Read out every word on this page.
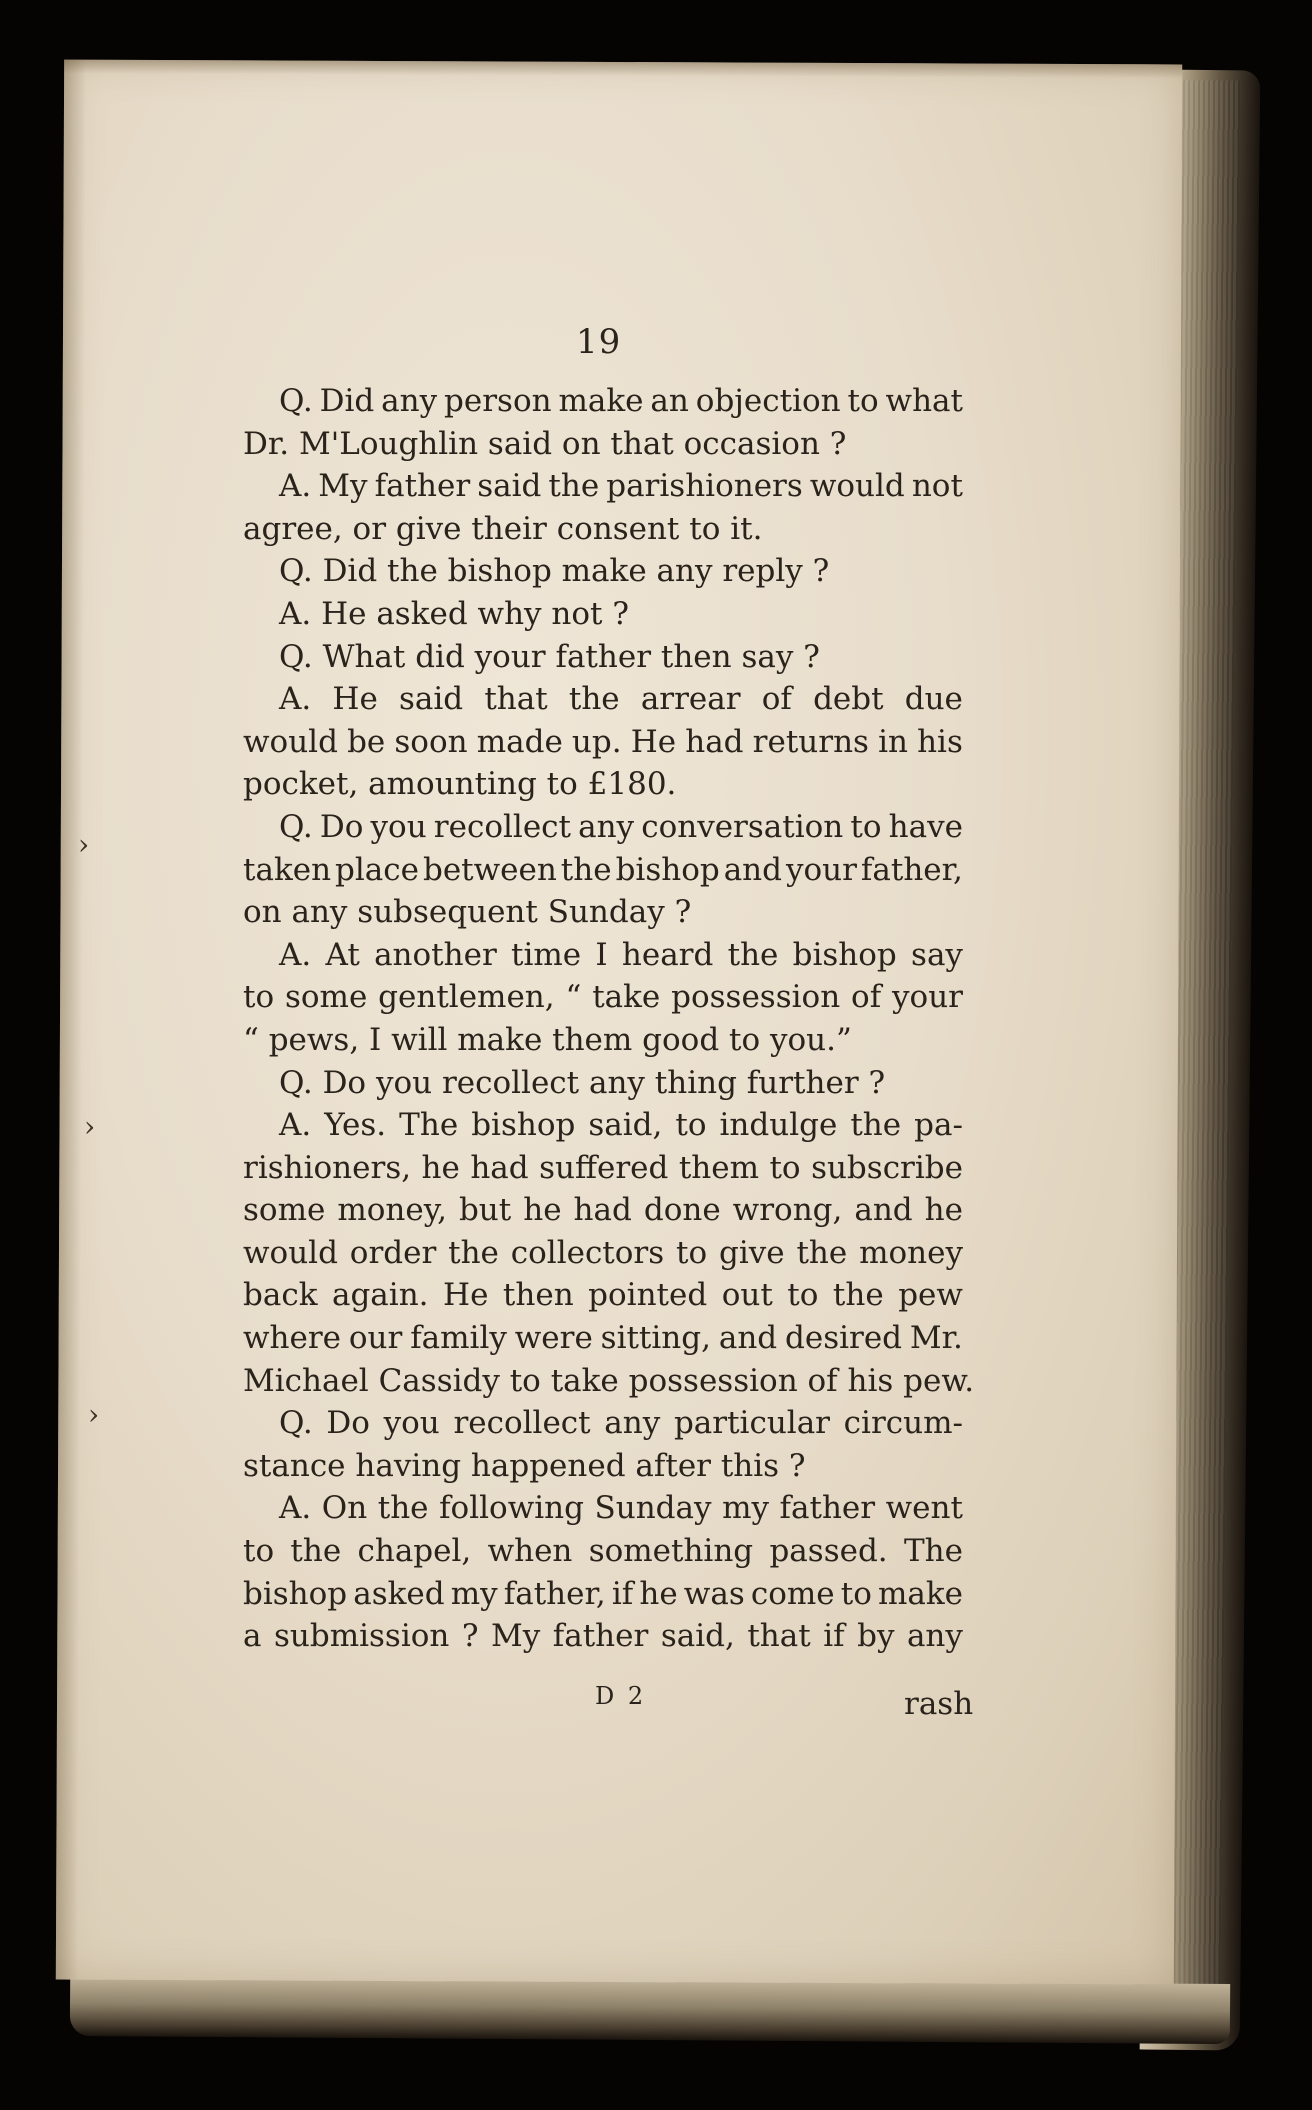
19
Q. Did any person make an objection to what
Dr. M'Loughlin said on that occasion ?
A. My father said the parishioners would not
agree, or give their consent to it.
Q. Did the bishop make any reply ?
A. He asked why not ?
Q. What did your father then say ?
A. He said that the arrear of debt due
would be soon made up. He had returns in his
pocket, amounting to £180.
Q. Do you recollect any conversation to have
taken place between the bishop and your father,
on any subsequent Sunday ?
A. At another time I heard the bishop say
to some gentlemen, “ take possession of your
“ pews, I will make them good to you.”
Q. Do you recollect any thing further ?
A. Yes. The bishop said, to indulge the pa-
rishioners, he had suffered them to subscribe
some money, but he had done wrong, and he
would order the collectors to give the money
back again. He then pointed out to the pew
where our family were sitting, and desired Mr.
Michael Cassidy to take possession of his pew.
Q. Do you recollect any particular circum-
stance having happened after this ?
A. On the following Sunday my father went
to the chapel, when something passed. The
bishop asked my father, if he was come to make
a submission ? My father said, that if by any
D 2	rash
›
›
›
